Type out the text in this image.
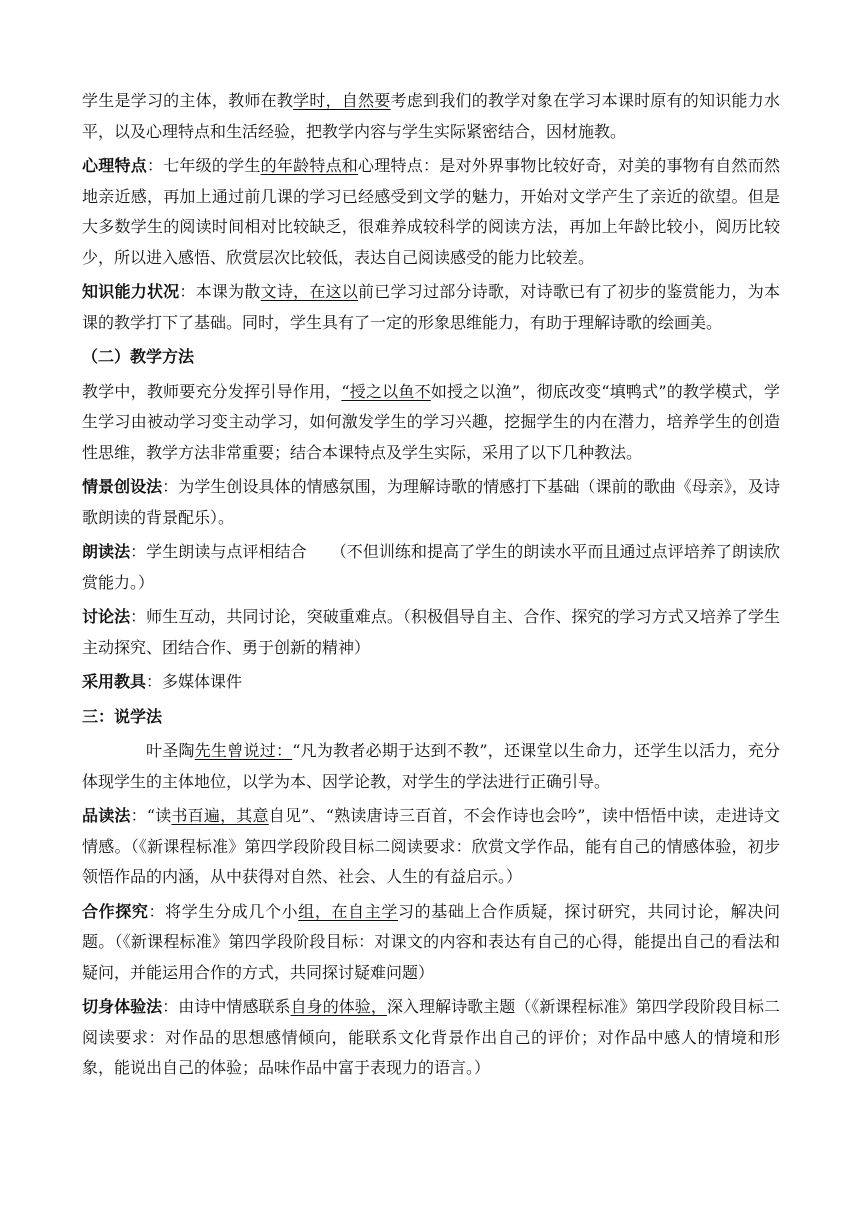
学生是学习的主体，教师在教学时，自然要考虑到我们的教学对象在学习本课时原有的知识能力水平，以及心理特点和生活经验，把教学内容与学生实际紧密结合，因材施教。

心理特点：七年级的学生的年龄特点和心理特点：是对外界事物比较好奇，对美的事物有自然而然地亲近感，再加上通过前几课的学习已经感受到文学的魅力，开始对文学产生了亲近的欲望。但是大多数学生的阅读时间相对比较缺乏，很难养成较科学的阅读方法，再加上年龄比较小，阅历比较少，所以进入感悟、欣赏层次比较低，表达自己阅读感受的能力比较差。

知识能力状况：本课为散文诗，在这以前已学习过部分诗歌，对诗歌已有了初步的鉴赏能力，为本课的教学打下了基础。同时，学生具有了一定的形象思维能力，有助于理解诗歌的绘画美。

（二）教学方法

教学中，教师要充分发挥引导作用，“授之以鱼不如授之以渔”，彻底改变“填鸭式”的教学模式，学生学习由被动学习变主动学习，如何激发学生的学习兴趣，挖掘学生的内在潜力，培养学生的创造性思维，教学方法非常重要；结合本课特点及学生实际，采用了以下几种教法。

情景创设法：为学生创设具体的情感氛围，为理解诗歌的情感打下基础（课前的歌曲《母亲》，及诗歌朗读的背景配乐）。

朗读法：学生朗读与点评相结合　　（不但训练和提高了学生的朗读水平而且通过点评培养了朗读欣赏能力。）

讨论法：师生互动，共同讨论，突破重难点。（积极倡导自主、合作、探究的学习方式又培养了学生主动探究、团结合作、勇于创新的精神）

采用教具：多媒体课件

三：说学法

叶圣陶先生曾说过：“凡为教者必期于达到不教”，还课堂以生命力，还学生以活力，充分体现学生的主体地位，以学为本、因学论教，对学生的学法进行正确引导。

品读法：“读书百遍，其意自见”、“熟读唐诗三百首，不会作诗也会吟”，读中悟悟中读，走进诗文情感。（《新课程标准》第四学段阶段目标二阅读要求：欣赏文学作品，能有自己的情感体验，初步领悟作品的内涵，从中获得对自然、社会、人生的有益启示。）

合作探究：将学生分成几个小组，在自主学习的基础上合作质疑，探讨研究，共同讨论，解决问题。（《新课程标准》第四学段阶段目标：对课文的内容和表达有自己的心得，能提出自己的看法和疑问，并能运用合作的方式，共同探讨疑难问题）

切身体验法：由诗中情感联系自身的体验，深入理解诗歌主题（《新课程标准》第四学段阶段目标二阅读要求：对作品的思想感情倾向，能联系文化背景作出自己的评价；对作品中感人的情境和形象，能说出自己的体验；品味作品中富于表现力的语言。）
